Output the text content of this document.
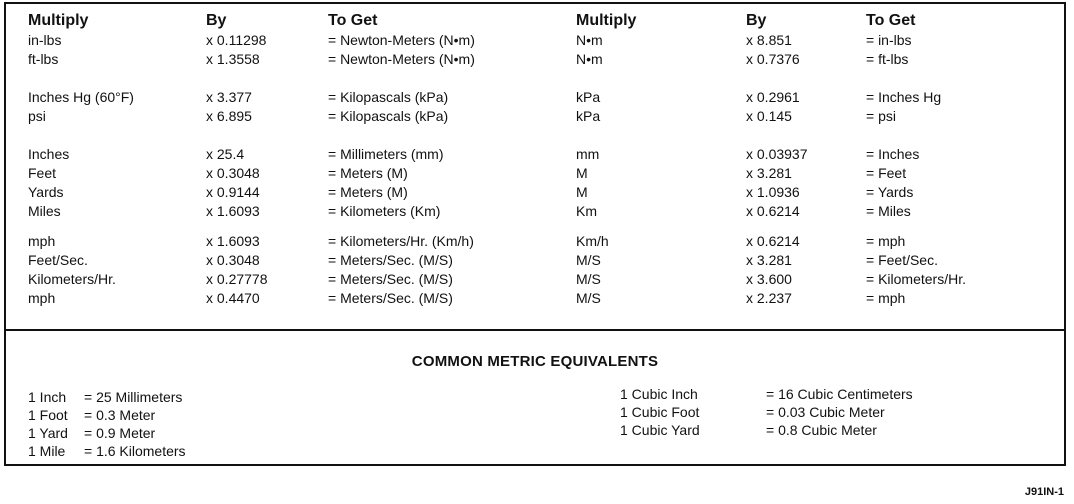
Multiply	By	To Get	Multiply	By	To Get
in-lbs	x 0.11298	= Newton-Meters (N•m)	N•m	x 8.851	= in-lbs
ft-lbs	x 1.3558	= Newton-Meters (N•m)	N•m	x 0.7376	= ft-lbs
Inches Hg (60°F)	x 3.377	= Kilopascals (kPa)	kPa	x 0.2961	= Inches Hg
psi	x 6.895	= Kilopascals (kPa)	kPa	x 0.145	= psi
Inches	x 25.4	= Millimeters (mm)	mm	x 0.03937	= Inches
Feet	x 0.3048	= Meters (M)	M	x 3.281	= Feet
Yards	x 0.9144	= Meters (M)	M	x 1.0936	= Yards
Miles	x 1.6093	= Kilometers (Km)	Km	x 0.6214	= Miles
mph	x 1.6093	= Kilometers/Hr. (Km/h)	Km/h	x 0.6214	= mph
Feet/Sec.	x 0.3048	= Meters/Sec. (M/S)	M/S	x 3.281	= Feet/Sec.
Kilometers/Hr.	x 0.27778	= Meters/Sec. (M/S)	M/S	x 3.600	= Kilometers/Hr.
mph	x 0.4470	= Meters/Sec. (M/S)	M/S	x 2.237	= mph
COMMON METRIC EQUIVALENTS
1 Inch = 25 Millimeters
1 Foot = 0.3 Meter
1 Yard = 0.9 Meter
1 Mile = 1.6 Kilometers
1 Cubic Inch	= 16 Cubic Centimeters
1 Cubic Foot	= 0.03 Cubic Meter
1 Cubic Yard	= 0.8 Cubic Meter
J91IN-1
